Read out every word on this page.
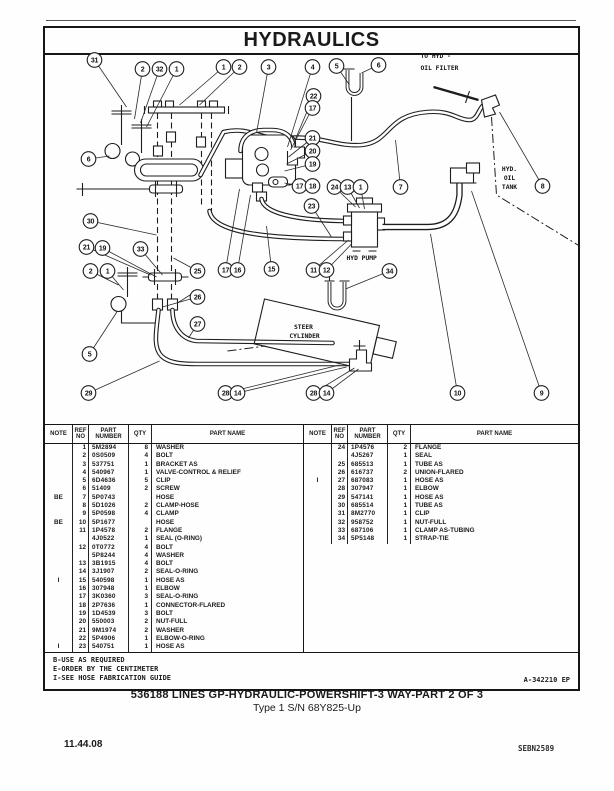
HYDRAULICS
31
2 32 1	1 2	3	4	5	6
6
22
17
21
20
19
17 18 24 13 1
23
7	8
30
21 19	33
25
2 1	17 16	15	11 12
26
34
27
5
29	28 14	28 14	10	9
TO HYD -
OIL FILTER
HYD.
OIL
TANK
HYD PUMP
STEER
CYLINDER
NOTE
REF NO
PART NUMBER
QTY	PART NAME
1 5M2894	8	WASHER
2 0S0509	4	BOLT
3 537751	1	BRACKET AS
4 540967	1	VALVE-CONTROL & RELIEF
5 6D4636	5	CLIP
6 51409	2	SCREW
BE	7 5P0743	HOSE
8 5D1026	2	CLAMP-HOSE
9 5P0598	4	CLAMP
BE	10 5P1677	HOSE
11 1P4578	2	FLANGE
4J0522	1	SEAL (O-RING)
12 0T0772	4	BOLT
5P8244	4	WASHER
13 3B1915	4	BOLT
14 3J1907	2	SEAL-O-RING
I	15 540598	1	HOSE AS
16 307948	1	ELBOW
17 3K0360	3	SEAL-O-RING
18 2P7636	1	CONNECTOR-FLARED
19 1D4539	3	BOLT
20 550003	2	NUT-FULL
21 9M1974	2	WASHER
22 5P4906	1	ELBOW-O-RING
I	23 540751	1	HOSE AS
NOTE
REF NO
PART NUMBER
QTY	PART NAME
24 1P4576	2	FLANGE
4J5267	1	SEAL
25 685513	1	TUBE AS
26 616737	2	UNION-FLARED
I	27 687083	1	HOSE AS
28 307947	1	ELBOW
29 547141	1	HOSE AS
30 685514	1	TUBE AS
31 8M2770	1	CLIP
32 958752	1	NUT-FULL
33 687106	1	CLAMP AS-TUBING
34 5P5148	1	STRAP-TIE
B-USE AS REQUIRED
E-ORDER BY THE CENTIMETER
I-SEE HOSE FABRICATION GUIDE	A-342210 EP
536188 LINES GP-HYDRAULIC-POWERSHIFT-3 WAY-PART 2 OF 3
Type 1 S/N 68Y825-Up
11.44.08	SEBN2589
